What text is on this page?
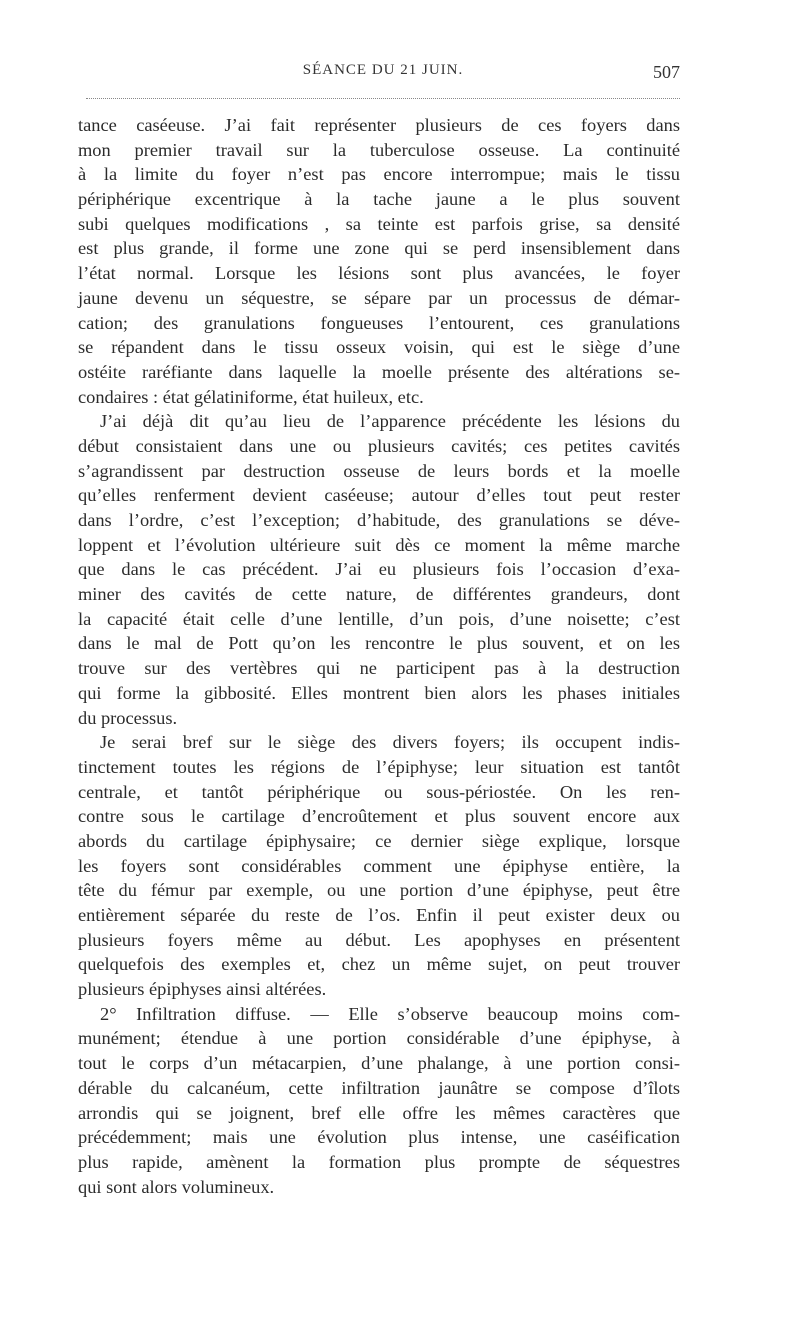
SÉANCE DU 21 JUIN.	507
tance caséeuse. J’ai fait représenter plusieurs de ces foyers dans
mon premier travail sur la tuberculose osseuse. La continuité
à la limite du foyer n’est pas encore interrompue; mais le tissu
périphérique excentrique à la tache jaune a le plus souvent
subi quelques modifications , sa teinte est parfois grise, sa densité
est plus grande, il forme une zone qui se perd insensiblement dans
l’état normal. Lorsque les lésions sont plus avancées, le foyer
jaune devenu un séquestre, se sépare par un processus de démar-
cation; des granulations fongueuses l’entourent, ces granulations
se répandent dans le tissu osseux voisin, qui est le siège d’une
ostéite raréfiante dans laquelle la moelle présente des altérations se-
condaires : état gélatiniforme, état huileux, etc.
J’ai déjà dit qu’au lieu de l’apparence précédente les lésions du
début consistaient dans une ou plusieurs cavités; ces petites cavités
s’agrandissent par destruction osseuse de leurs bords et la moelle
qu’elles renferment devient caséeuse; autour d’elles tout peut rester
dans l’ordre, c’est l’exception; d’habitude, des granulations se déve-
loppent et l’évolution ultérieure suit dès ce moment la même marche
que dans le cas précédent. J’ai eu plusieurs fois l’occasion d’exa-
miner des cavités de cette nature, de différentes grandeurs, dont
la capacité était celle d’une lentille, d’un pois, d’une noisette; c’est
dans le mal de Pott qu’on les rencontre le plus souvent, et on les
trouve sur des vertèbres qui ne participent pas à la destruction
qui forme la gibbosité. Elles montrent bien alors les phases initiales
du processus.
Je serai bref sur le siège des divers foyers; ils occupent indis-
tinctement toutes les régions de l’épiphyse; leur situation est tantôt
centrale, et tantôt périphérique ou sous-périostée. On les ren-
contre sous le cartilage d’encroûtement et plus souvent encore aux
abords du cartilage épiphysaire; ce dernier siège explique, lorsque
les foyers sont considérables comment une épiphyse entière, la
tête du fémur par exemple, ou une portion d’une épiphyse, peut être
entièrement séparée du reste de l’os. Enfin il peut exister deux ou
plusieurs foyers même au début. Les apophyses en présentent
quelquefois des exemples et, chez un même sujet, on peut trouver
plusieurs épiphyses ainsi altérées.
2° Infiltration diffuse. — Elle s’observe beaucoup moins com-
munément; étendue à une portion considérable d’une épiphyse, à
tout le corps d’un métacarpien, d’une phalange, à une portion consi-
dérable du calcanéum, cette infiltration jaunâtre se compose d’îlots
arrondis qui se joignent, bref elle offre les mêmes caractères que
précédemment; mais une évolution plus intense, une caséification
plus rapide, amènent la formation plus prompte de séquestres
qui sont alors volumineux.
